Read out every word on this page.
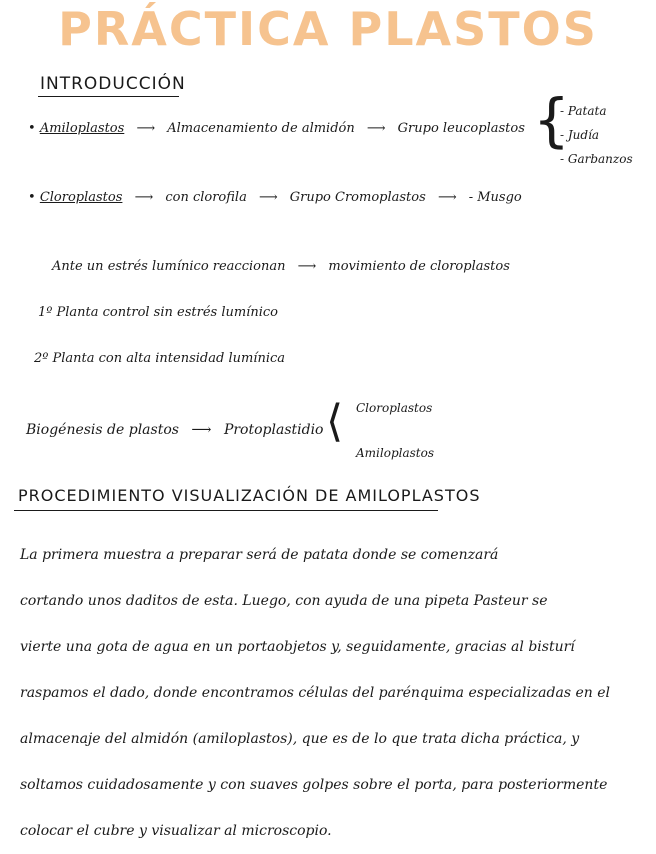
PRÁCTICA PLASTOS
INTRODUCCIÓN
• Amiloplastos ⟶ Almacenamiento de almidón ⟶ Grupo leucoplastos {
- Patata
- Judía
- Garbanzos
• Cloroplastos ⟶ con clorofila ⟶ Grupo Cromoplastos ⟶ - Musgo
Ante un estrés lumínico reaccionan ⟶ movimiento de cloroplastos
1º Planta control sin estrés lumínico
2º Planta con alta intensidad lumínica
Biogénesis de plastos ⟶ Protoplastidio ⟨ Cloroplastos
Amiloplastos
PROCEDIMIENTO VISUALIZACIÓN DE AMILOPLASTOS
La primera muestra a preparar será de patata donde se comenzará
cortando unos daditos de esta. Luego, con ayuda de una pipeta Pasteur se
vierte una gota de agua en un portaobjetos y, seguidamente, gracias al bisturí
raspamos el dado, donde encontramos células del parénquima especializadas en el
almacenaje del almidón (amiloplastos), que es de lo que trata dicha práctica, y
soltamos cuidadosamente y con suaves golpes sobre el porta, para posteriormente
colocar el cubre y visualizar al microscopio.
